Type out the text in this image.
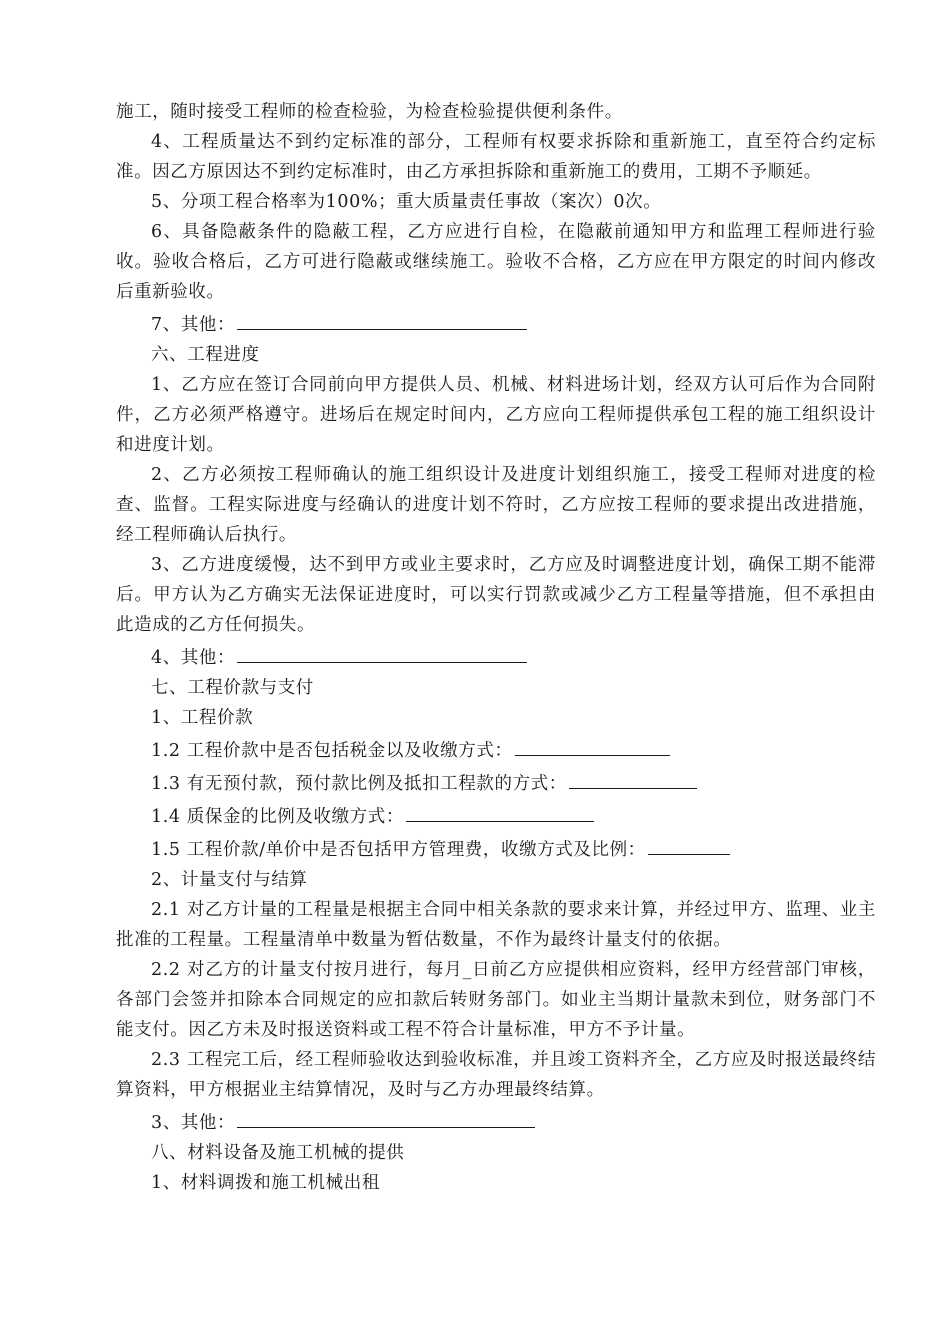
施工，随时接受工程师的检查检验，为检查检验提供便利条件。

4、工程质量达不到约定标准的部分，工程师有权要求拆除和重新施工，直至符合约定标准。因乙方原因达不到约定标准时，由乙方承担拆除和重新施工的费用，工期不予顺延。

5、分项工程合格率为100%；重大质量责任事故（案次）0次。

6、具备隐蔽条件的隐蔽工程，乙方应进行自检，在隐蔽前通知甲方和监理工程师进行验收。验收合格后，乙方可进行隐蔽或继续施工。验收不合格，乙方应在甲方限定的时间内修改后重新验收。

7、其他：

六、工程进度

1、乙方应在签订合同前向甲方提供人员、机械、材料进场计划，经双方认可后作为合同附件，乙方必须严格遵守。进场后在规定时间内，乙方应向工程师提供承包工程的施工组织设计和进度计划。

2、乙方必须按工程师确认的施工组织设计及进度计划组织施工，接受工程师对进度的检查、监督。工程实际进度与经确认的进度计划不符时，乙方应按工程师的要求提出改进措施，经工程师确认后执行。

3、乙方进度缓慢，达不到甲方或业主要求时，乙方应及时调整进度计划，确保工期不能滞后。甲方认为乙方确实无法保证进度时，可以实行罚款或减少乙方工程量等措施，但不承担由此造成的乙方任何损失。

4、其他：

七、工程价款与支付

1、工程价款

1.2 工程价款中是否包括税金以及收缴方式：

1.3 有无预付款，预付款比例及抵扣工程款的方式：

1.4 质保金的比例及收缴方式：

1.5 工程价款/单价中是否包括甲方管理费，收缴方式及比例：

2、计量支付与结算

2.1 对乙方计量的工程量是根据主合同中相关条款的要求来计算，并经过甲方、监理、业主批准的工程量。工程量清单中数量为暂估数量，不作为最终计量支付的依据。

2.2 对乙方的计量支付按月进行，每月_日前乙方应提供相应资料，经甲方经营部门审核，各部门会签并扣除本合同规定的应扣款后转财务部门。如业主当期计量款未到位，财务部门不能支付。因乙方未及时报送资料或工程不符合计量标准，甲方不予计量。

2.3 工程完工后，经工程师验收达到验收标准，并且竣工资料齐全，乙方应及时报送最终结算资料，甲方根据业主结算情况，及时与乙方办理最终结算。

3、其他：

八、材料设备及施工机械的提供

1、材料调拨和施工机械出租
